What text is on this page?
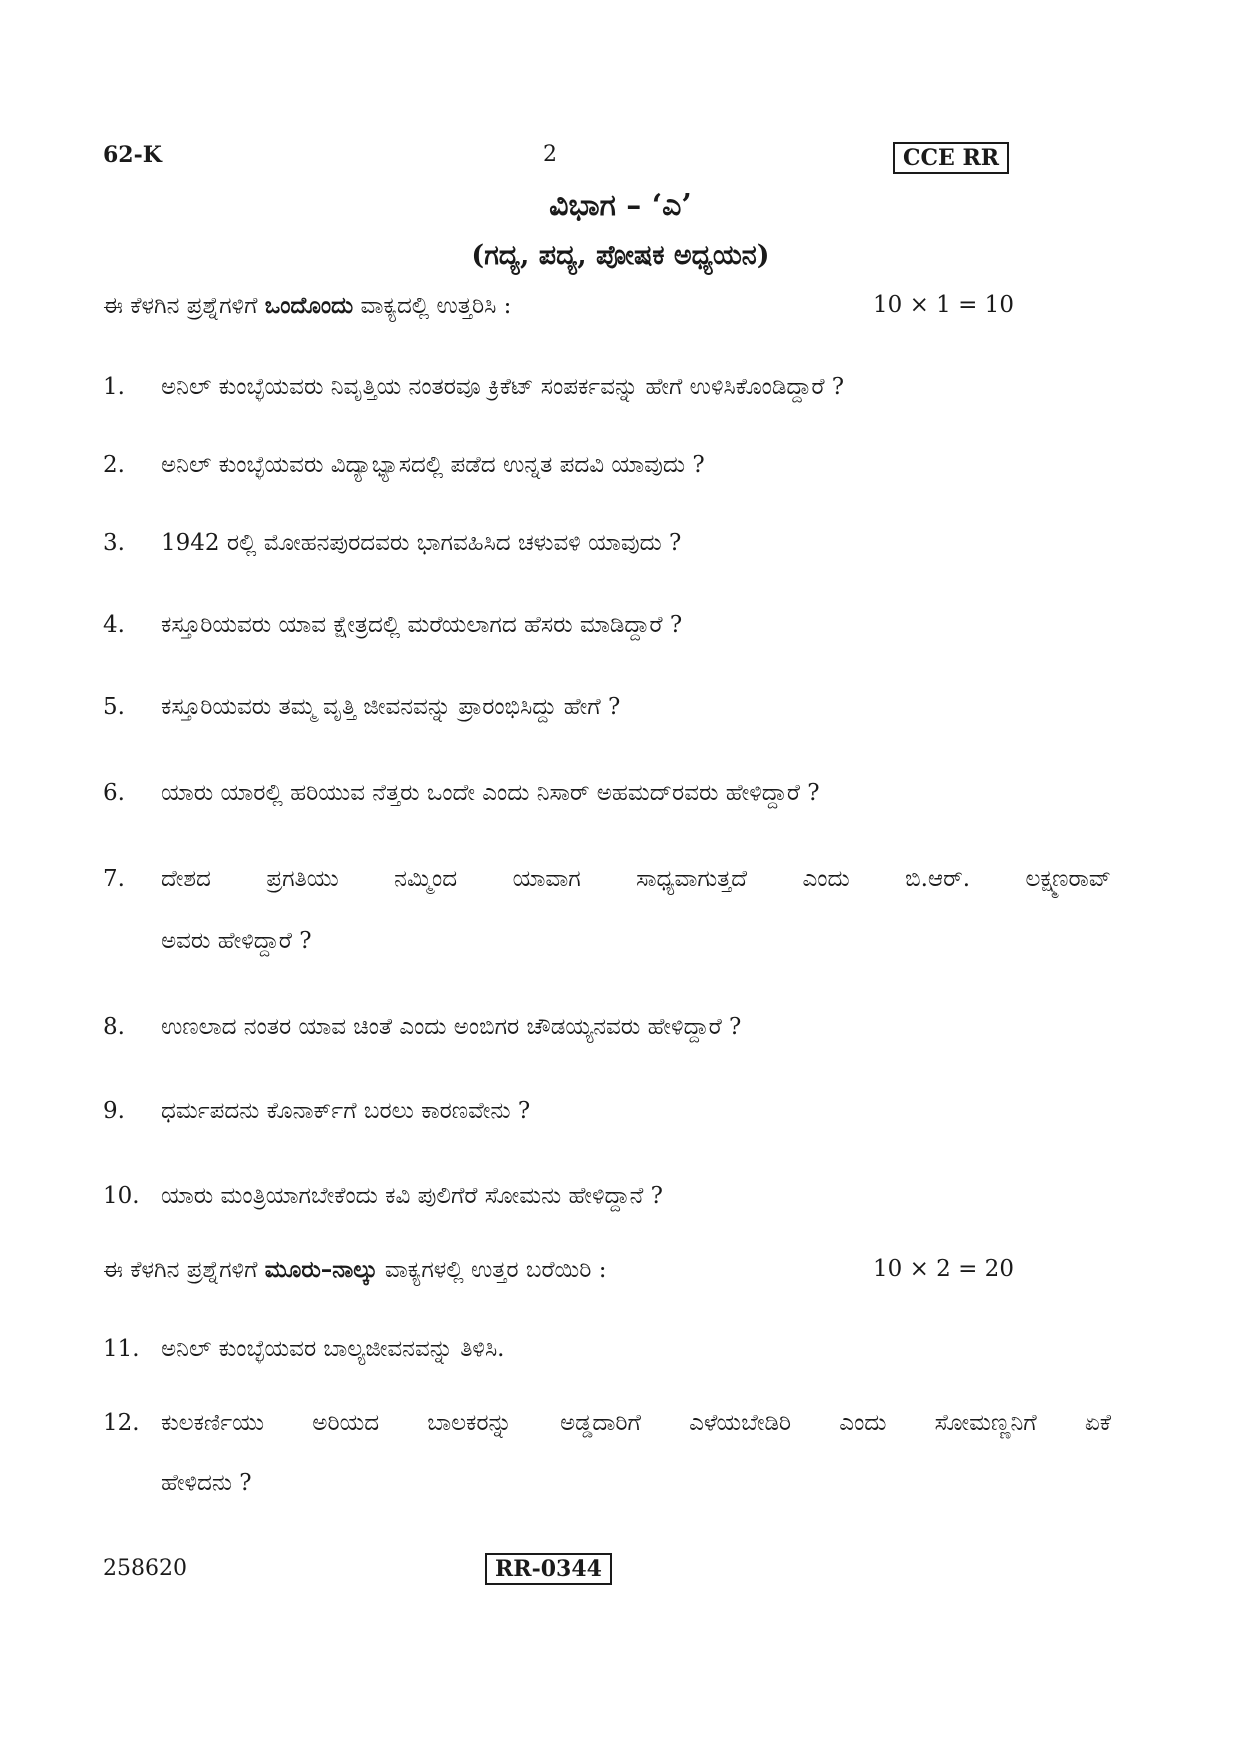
62-K	2	CCE RR
ವಿಭಾಗ – ‘ಎ’
(ಗದ್ಯ, ಪದ್ಯ, ಪೋಷಕ ಅಧ್ಯಯನ)
ಈ ಕೆಳಗಿನ ಪ್ರಶ್ನೆಗಳಿಗೆ ಒಂದೊಂದು ವಾಕ್ಯದಲ್ಲಿ ಉತ್ತರಿಸಿ :	10 × 1 = 10
1. ಅನಿಲ್ ಕುಂಬ್ಳೆಯವರು ನಿವೃತ್ತಿಯ ನಂತರವೂ ಕ್ರಿಕೆಟ್ ಸಂಪರ್ಕವನ್ನು ಹೇಗೆ ಉಳಿಸಿಕೊಂಡಿದ್ದಾರೆ ?
2. ಅನಿಲ್ ಕುಂಬ್ಳೆಯವರು ವಿದ್ಯಾಭ್ಯಾಸದಲ್ಲಿ ಪಡೆದ ಉನ್ನತ ಪದವಿ ಯಾವುದು ?
3. 1942 ರಲ್ಲಿ ಮೋಹನಪುರದವರು ಭಾಗವಹಿಸಿದ ಚಳುವಳಿ ಯಾವುದು ?
4. ಕಸ್ತೂರಿಯವರು ಯಾವ ಕ್ಷೇತ್ರದಲ್ಲಿ ಮರೆಯಲಾಗದ ಹೆಸರು ಮಾಡಿದ್ದಾರೆ ?
5. ಕಸ್ತೂರಿಯವರು ತಮ್ಮ ವೃತ್ತಿ ಜೀವನವನ್ನು ಪ್ರಾರಂಭಿಸಿದ್ದು ಹೇಗೆ ?
6. ಯಾರು ಯಾರಲ್ಲಿ ಹರಿಯುವ ನೆತ್ತರು ಒಂದೇ ಎಂದು ನಿಸಾರ್ ಅಹಮದ್‌ರವರು ಹೇಳಿದ್ದಾರೆ ?
7. ದೇಶದ ಪ್ರಗತಿಯು ನಮ್ಮಿಂದ ಯಾವಾಗ ಸಾಧ್ಯವಾಗುತ್ತದೆ ಎಂದು ಬಿ.ಆರ್. ಲಕ್ಷ್ಮಣರಾವ್
ಅವರು ಹೇಳಿದ್ದಾರೆ ?
8. ಉಣಲಾದ ನಂತರ ಯಾವ ಚಿಂತೆ ಎಂದು ಅಂಬಿಗರ ಚೌಡಯ್ಯನವರು ಹೇಳಿದ್ದಾರೆ ?
9. ಧರ್ಮಪದನು ಕೊನಾರ್ಕ್‌ಗೆ ಬರಲು ಕಾರಣವೇನು ?
10. ಯಾರು ಮಂತ್ರಿಯಾಗಬೇಕೆಂದು ಕವಿ ಪುಲಿಗೆರೆ ಸೋಮನು ಹೇಳಿದ್ದಾನೆ ?
ಈ ಕೆಳಗಿನ ಪ್ರಶ್ನೆಗಳಿಗೆ ಮೂರು–ನಾಲ್ಕು ವಾಕ್ಯಗಳಲ್ಲಿ ಉತ್ತರ ಬರೆಯಿರಿ :	10 × 2 = 20
11. ಅನಿಲ್ ಕುಂಬ್ಳೆಯವರ ಬಾಲ್ಯಜೀವನವನ್ನು ತಿಳಿಸಿ.
12. ಕುಲಕರ್ಣಿಯು ಅರಿಯದ ಬಾಲಕರನ್ನು ಅಡ್ಡದಾರಿಗೆ ಎಳೆಯಬೇಡಿರಿ ಎಂದು ಸೋಮಣ್ಣನಿಗೆ ಏಕೆ
ಹೇಳಿದನು ?
258620	RR-0344
